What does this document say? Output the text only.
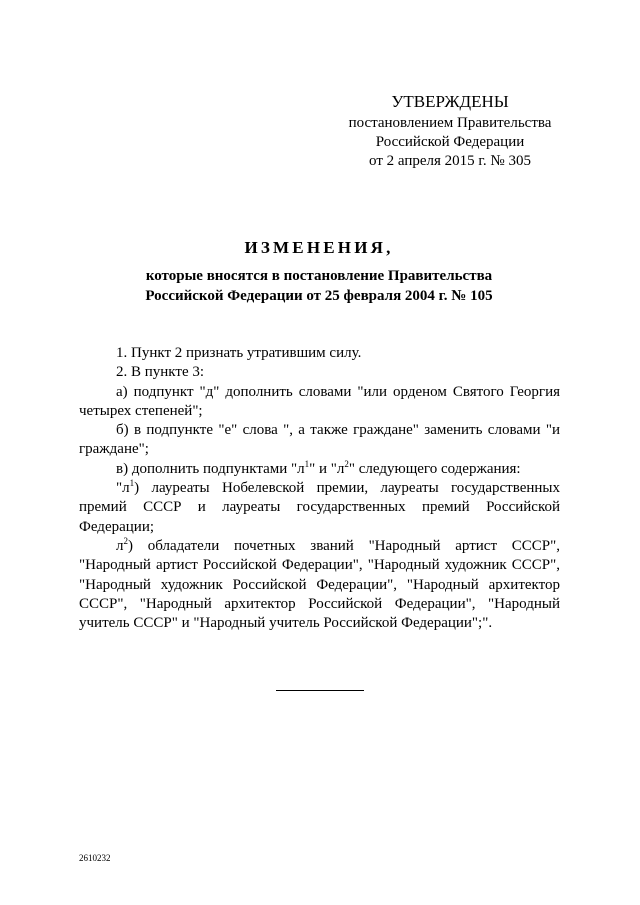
УТВЕРЖДЕНЫ
постановлением Правительства
Российской Федерации
от 2 апреля 2015 г. № 305
ИЗМЕНЕНИЯ,
которые вносятся в постановление Правительства
Российской Федерации от 25 февраля 2004 г. № 105

1. Пункт 2 признать утратившим силу.

2. В пункте 3:

а) подпункт "д" дополнить словами "или орденом Святого Георгия четырех степеней";

б) в подпункте "е" слова ", а также граждане" заменить словами "и граждане";

в) дополнить подпунктами "$л^1$" и "$л^2$" следующего содержания:

"$л^1$) лауреаты Нобелевской премии, лауреаты государственных премий СССР и лауреаты государственных премий Российской Федерации;

$л^2$) обладатели почетных званий "Народный артист СССР", "Народный артист Российской Федерации", "Народный художник СССР", "Народный художник Российской Федерации", "Народный архитектор СССР", "Народный архитектор Российской Федерации", "Народный учитель СССР" и "Народный учитель Российской Федерации";".

2610232
